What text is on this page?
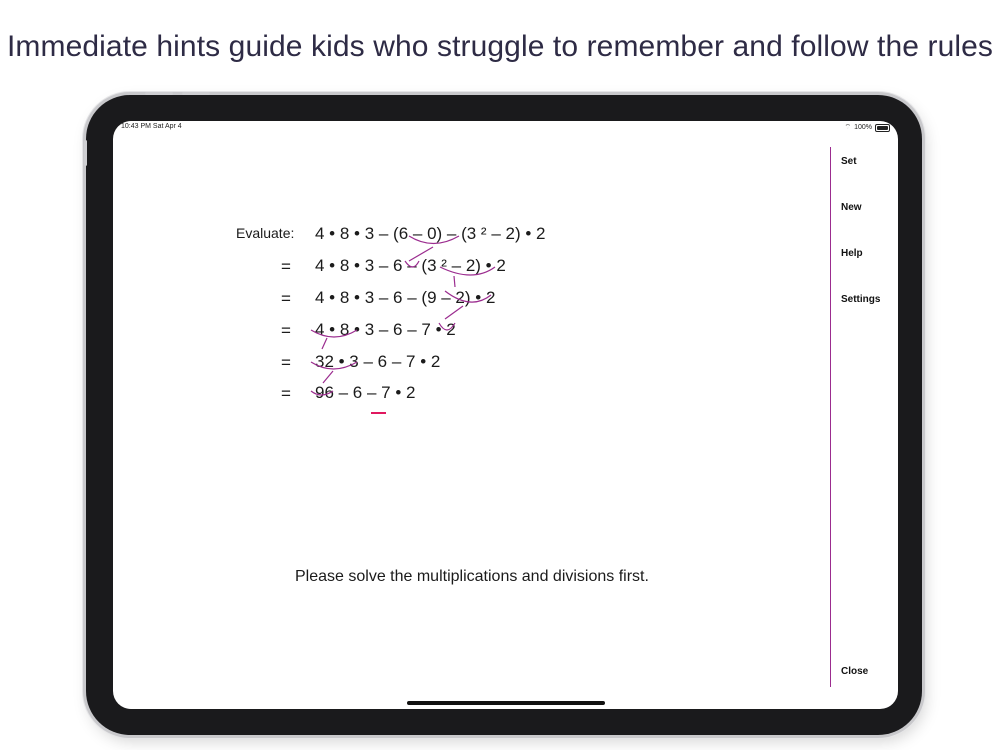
Immediate hints guide kids who struggle to remember and follow the rules
10:43 PM Sat Apr 4	⌔ 100%
Set
New
Help
Settings
Close
Evaluate:
=
=
=
=
=
4 • 8 • 3 – (6 – 0) – (3 ² – 2) • 2
4 • 8 • 3 – 6 – (3 ² – 2) • 2
4 • 8 • 3 – 6 – (9 – 2) • 2
4 • 8 • 3 – 6 – 7 • 2
32 • 3 – 6 – 7 • 2
96 – 6 – 7 • 2
Please solve the multiplications and divisions first.
